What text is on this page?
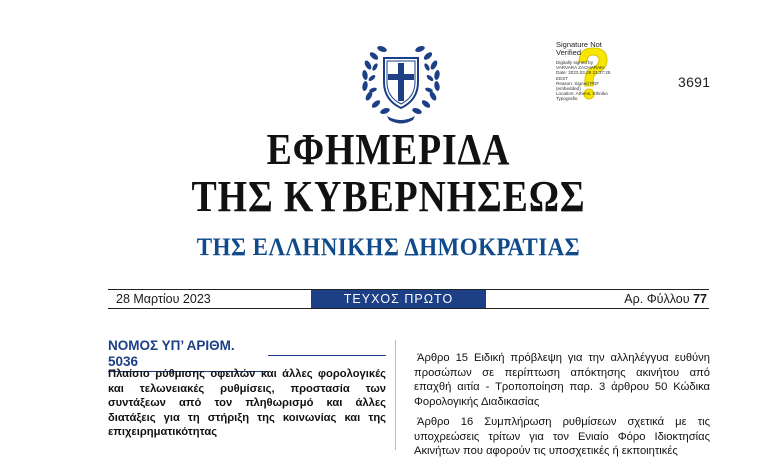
Signature Not
Verified
Digitally signed by
VARVARA ZACHARAKI
Date: 2023.03.28 21:37:25
EEST
Reason: Signed PDF
(embedded)
Location: Athens, Ethniko
Typografio
3691
ΕΦΗΜΕΡΙΔΑ
ΤΗΣ ΚΥΒΕΡΝΗΣΕΩΣ
ΤΗΣ ΕΛΛΗΝΙΚΗΣ ΔΗΜΟΚΡΑΤΙΑΣ
28 Μαρτίου 2023	ΤΕΥΧΟΣ ΠΡΩΤΟ	Αρ. Φύλλου 77
ΝΟΜΟΣ ΥΠ’ ΑΡΙΘΜ. 5036
Πλαίσιο ρύθμισης οφειλών και άλλες φορολογικές και τελωνειακές ρυθμίσεις, προστασία των συντάξεων από τον πληθωρισμό και άλλες διατάξεις για τη στήριξη της κοινωνίας και της επιχειρηματικότητας

Άρθρο 15 Ειδική πρόβλεψη για την αλληλέγγυα ευθύνη προσώπων σε περίπτωση απόκτησης ακινήτου από επαχθή αιτία - Τροποποίηση παρ. 3 άρθρου 50 Κώδικα Φορολογικής Διαδικασίας

Άρθρο 16 Συμπλήρωση ρυθμίσεων σχετικά με τις υποχρεώσεις τρίτων για τον Ενιαίο Φόρο Ιδιοκτησίας Ακινήτων που αφορούν τις υποσχετικές ή εκποιητικές
